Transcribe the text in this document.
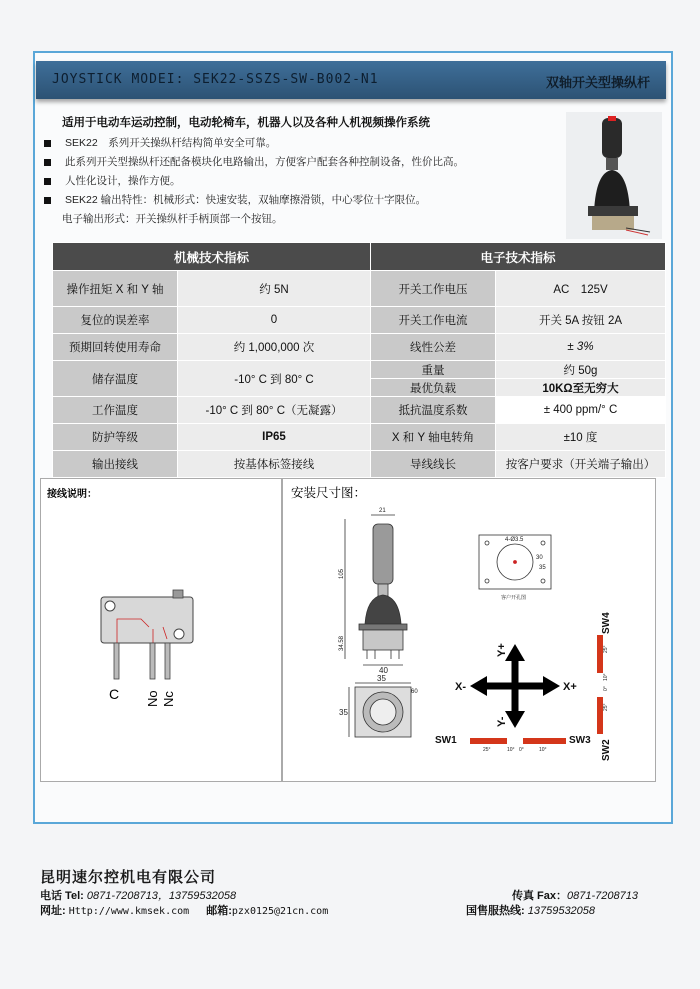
JOYSTICK MODEI: SEK22-SSZS-SW-B002-N1	双轴开关型操纵杆
适用于电动车运动控制，电动轮椅车，机器人以及各种人机视频操作系统
SEK22　系列开关操纵杆结构简单安全可靠。
此系列开关型操纵杆还配备模块化电路输出，方便客户配套各种控制设备，性价比高。
人性化设计，操作方便。
SEK22 输出特性：机械形式：快速安装，双轴摩擦滑锁，中心零位十字限位。
电子输出形式：开关操纵杆手柄顶部一个按钮。
机械技术指标		电子技术指标	
操作扭矩 X 和 Y 轴	约 5N	开关工作电压	AC　125V
复位的误差率	0	开关工作电流	开关 5A 按钮 2A
预期回转使用寿命	约 1,000,000 次	线性公差	± 3%
储存温度	-10° C 到 80° C	重量	约 50g
		最优负载	10KΩ至无穷大
工作温度	-10° C 到 80° C（无凝露）	抵抗温度系数	± 400 ppm/° C
防护等级	IP65	X 和 Y 轴电转角	±10 度
输出接线	按基体标签接线	导线线长	按客户要求（开关端子输出）
接线说明：
C No Nc
安装尺寸图：
21
105
34.58
40
35
35
60
4-Ø3.5
30
35
客户开孔图
Y+
Y-
X-	X+
SW1	SW3
SW4
SW2
25°	10° 0°	10°
25°
10°
0°
25°
昆明速尔控机电有限公司
电话 Tel: 0871-7208713，13759532058
网址: Http://www.kmsek.com 邮箱:pzx0125@21cn.com
传真 Fax：0871-7208713
国售服热线: 13759532058
